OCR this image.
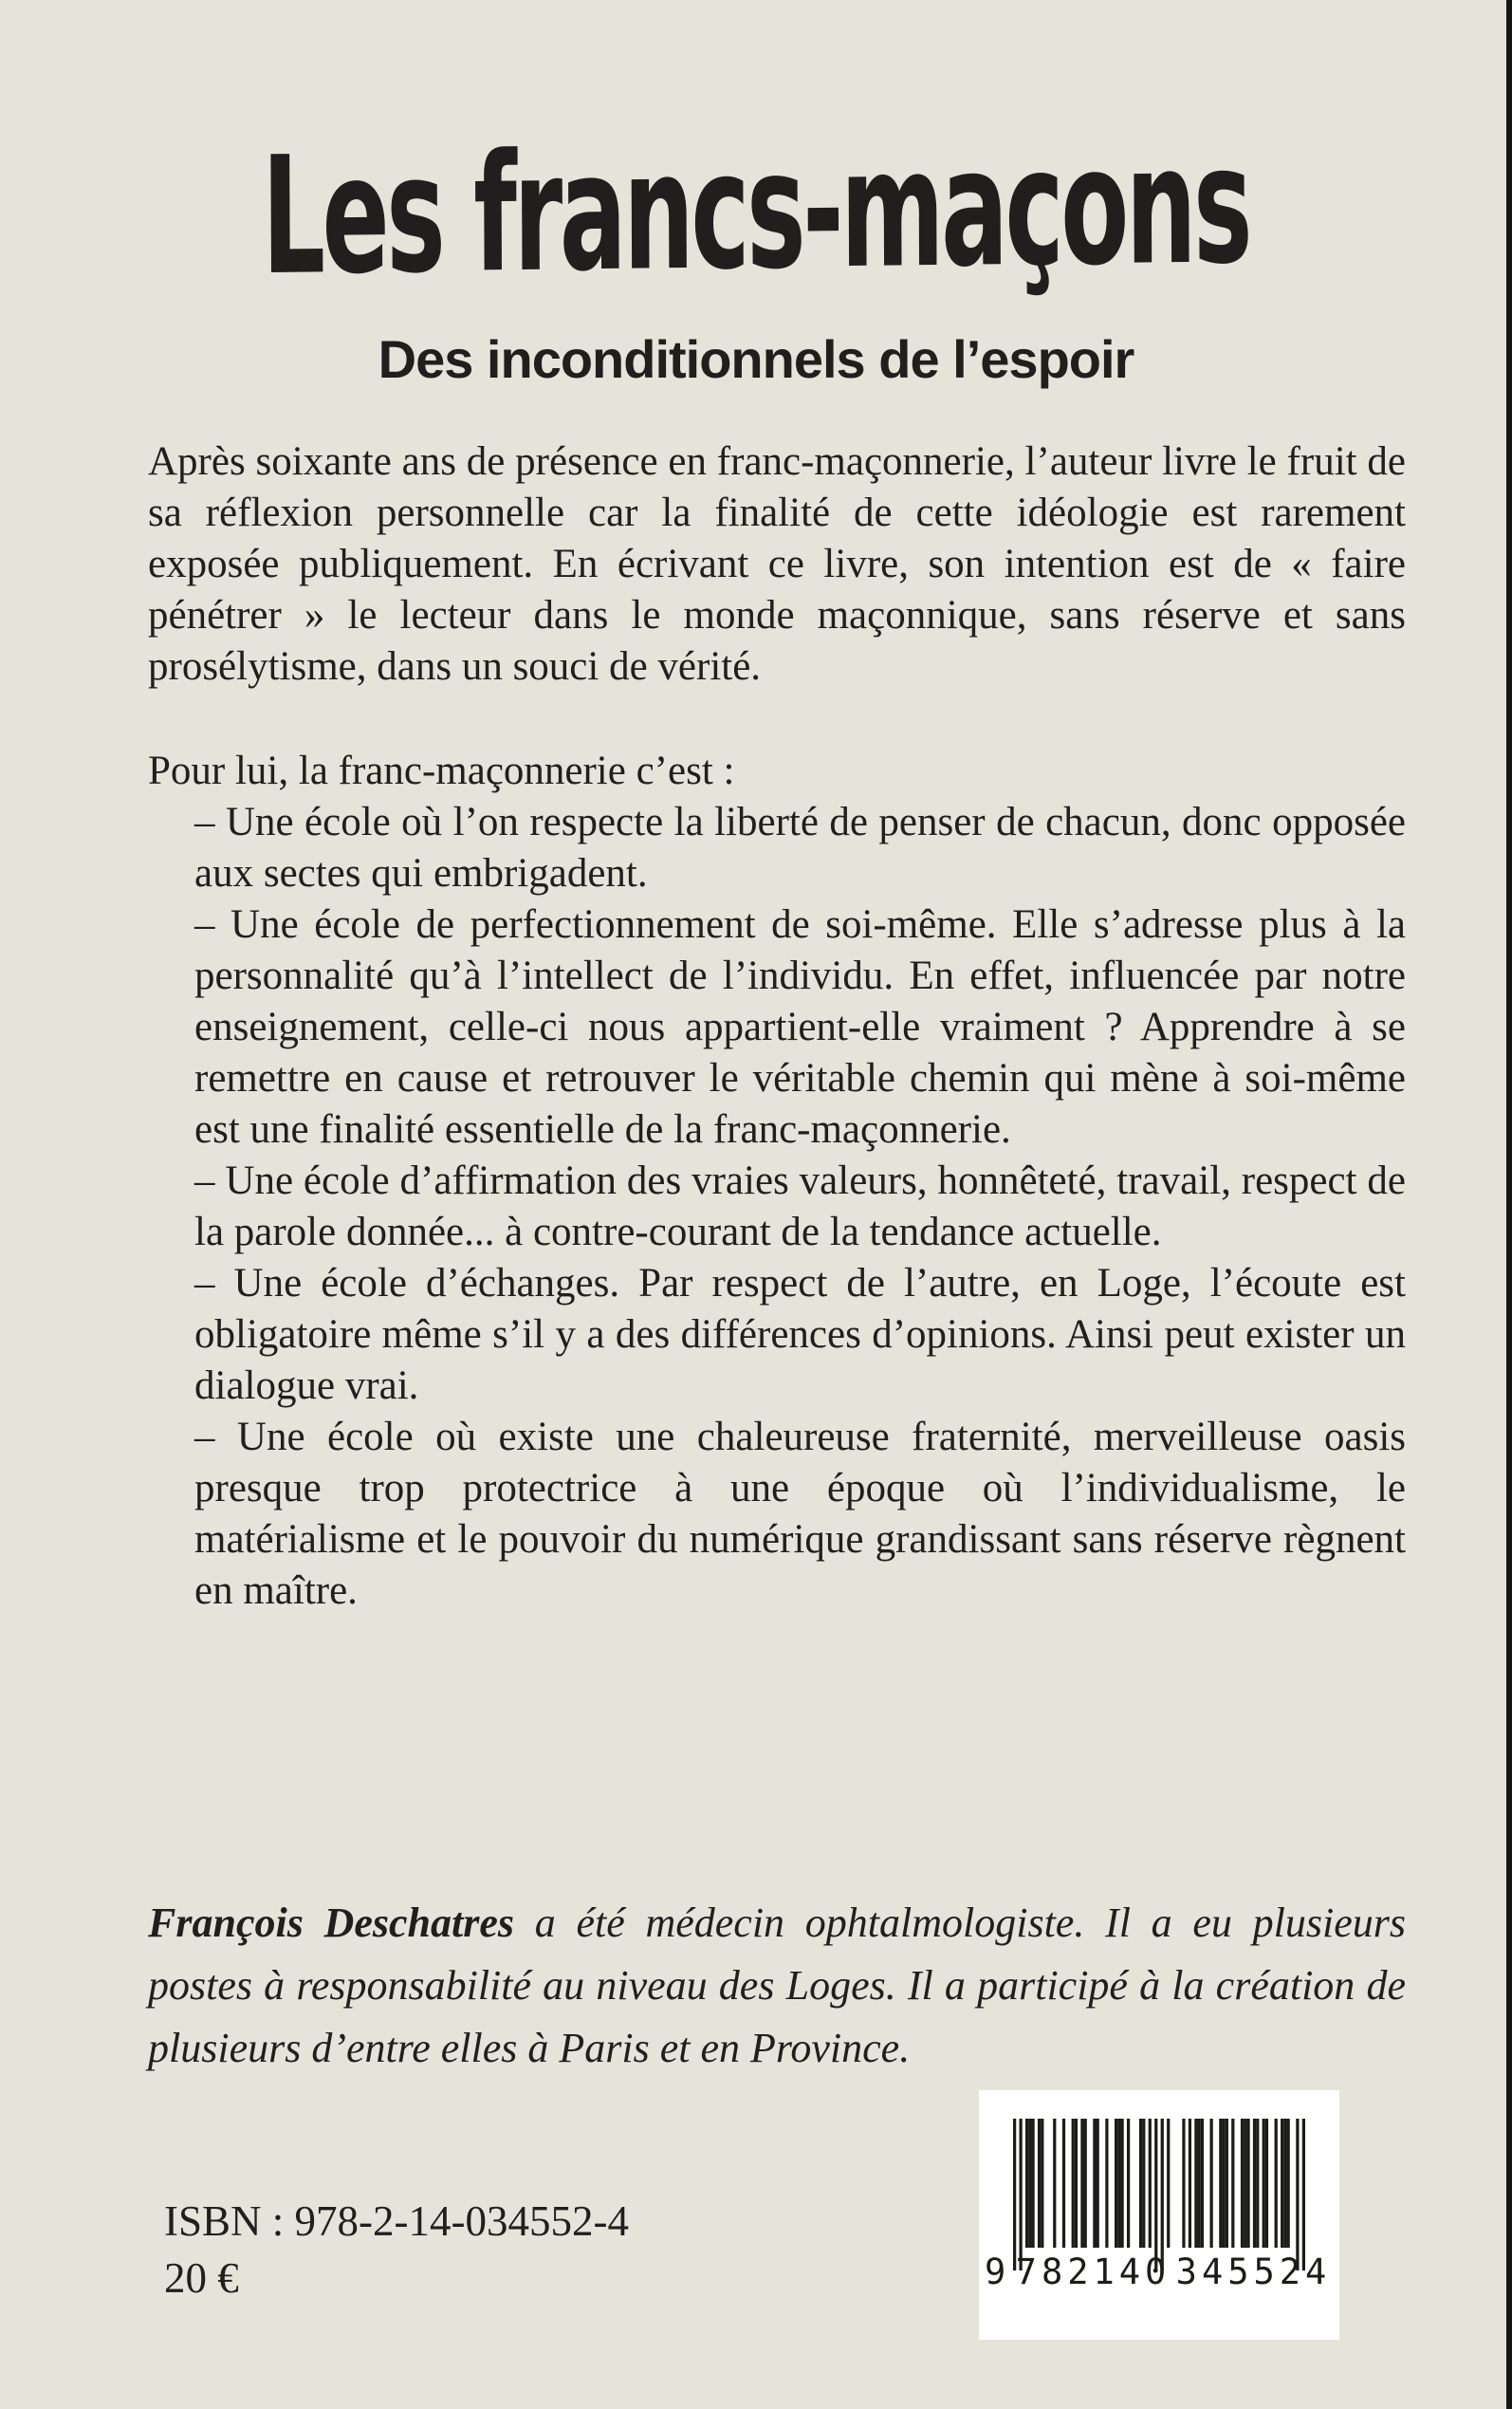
Les francs-maçons
Des inconditionnels de l’espoir

Après soixante ans de présence en franc-maçonnerie, l’auteur livre le fruit de sa réflexion personnelle car la finalité de cette idéologie est rarement exposée publiquement. En écrivant ce livre, son intention est de « faire pénétrer » le lecteur dans le monde maçonnique, sans réserve et sans prosélytisme, dans un souci de vérité.

Pour lui, la franc-maçonnerie c’est :

– Une école où l’on respecte la liberté de penser de chacun, donc opposée aux sectes qui embrigadent.

– Une école de perfectionnement de soi-même. Elle s’adresse plus à la personnalité qu’à l’intellect de l’individu. En effet, influencée par notre enseignement, celle-ci nous appartient-elle vraiment ? Apprendre à se remettre en cause et retrouver le véritable chemin qui mène à soi-même est une finalité essentielle de la franc-maçonnerie.

– Une école d’affirmation des vraies valeurs, honnêteté, travail, respect de la parole donnée... à contre-courant de la tendance actuelle.

– Une école d’échanges. Par respect de l’autre, en Loge, l’écoute est obligatoire même s’il y a des différences d’opinions. Ainsi peut exister un dialogue vrai.

– Une école où existe une chaleureuse fraternité, merveilleuse oasis presque trop protectrice à une époque où l’individualisme, le matérialisme et le pouvoir du numérique grandissant sans réserve règnent en maître.

François Deschatres a été médecin ophtalmologiste. Il a eu plusieurs postes à responsabilité au niveau des Loges. Il a participé à la création de plusieurs d’entre elles à Paris et en Province.

ISBN : 978-2-14-034552-4
20 €	9 782140 345524
